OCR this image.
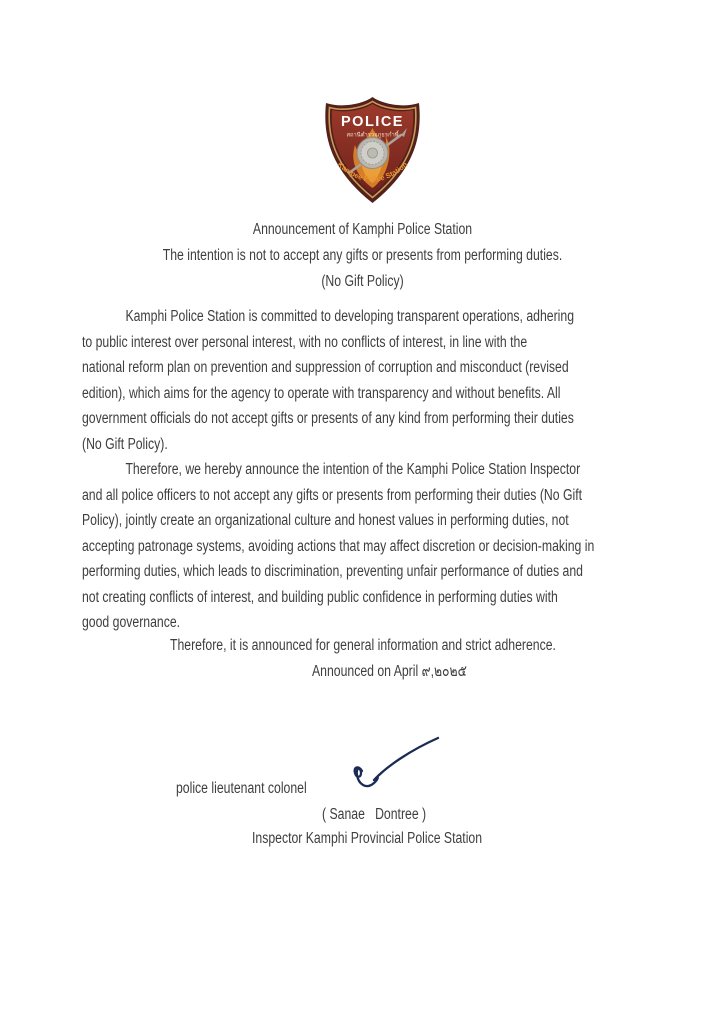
POLICE
สถานีตำรวจภูธรกำพี้
Kampee Police Station
Announcement of Kamphi Police Station
The intention is not to accept any gifts or presents from performing duties.
(No Gift Policy)
Kamphi Police Station is committed to developing transparent operations, adhering
to public interest over personal interest, with no conflicts of interest, in line with the
national reform plan on prevention and suppression of corruption and misconduct (revised
edition), which aims for the agency to operate with transparency and without benefits. All
government officials do not accept gifts or presents of any kind from performing their duties
(No Gift Policy).
Therefore, we hereby announce the intention of the Kamphi Police Station Inspector
and all police officers to not accept any gifts or presents from performing their duties (No Gift
Policy), jointly create an organizational culture and honest values in performing duties, not
accepting patronage systems, avoiding actions that may affect discretion or decision-making in
performing duties, which leads to discrimination, preventing unfair performance of duties and
not creating conflicts of interest, and building public confidence in performing duties with
good governance.
Therefore, it is announced for general information and strict adherence.
Announced on April ๙,๒๐๒๕
police lieutenant colonel
( Sanae   Dontree )
Inspector Kamphi Provincial Police Station
